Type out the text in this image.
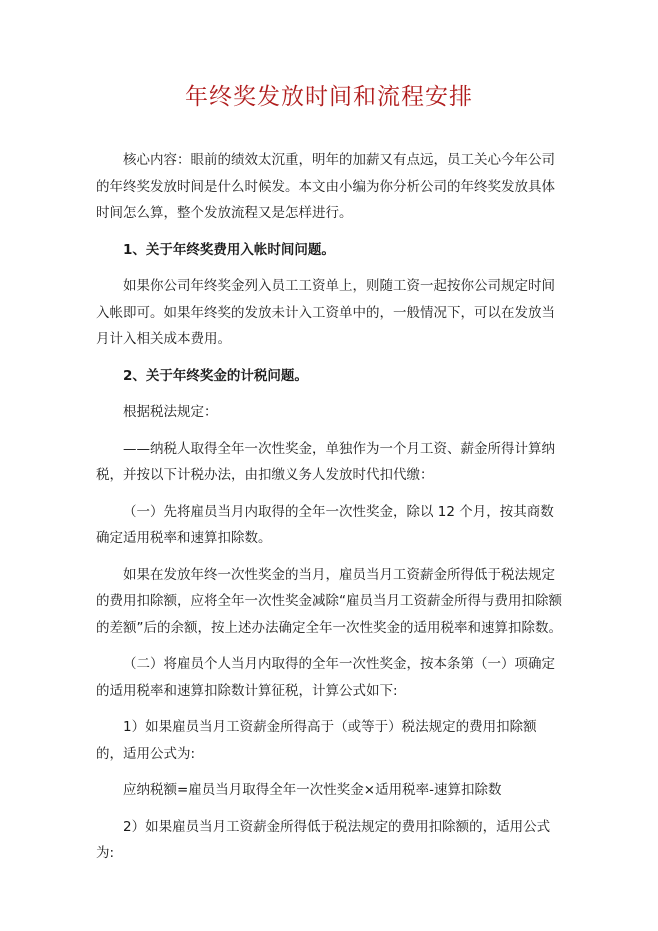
年终奖发放时间和流程安排

核心内容：眼前的绩效太沉重，明年的加薪又有点远，员工关心今年公司的年终奖发放时间是什么时候发。本文由小编为你分析公司的年终奖发放具体时间怎么算，整个发放流程又是怎样进行。

1、关于年终奖费用入帐时间问题。

如果你公司年终奖金列入员工工资单上，则随工资一起按你公司规定时间入帐即可。如果年终奖的发放未计入工资单中的，一般情况下，可以在发放当月计入相关成本费用。

2、关于年终奖金的计税问题。

根据税法规定：

——纳税人取得全年一次性奖金，单独作为一个月工资、薪金所得计算纳税，并按以下计税办法，由扣缴义务人发放时代扣代缴：

（一）先将雇员当月内取得的全年一次性奖金，除以 12 个月，按其商数确定适用税率和速算扣除数。

如果在发放年终一次性奖金的当月，雇员当月工资薪金所得低于税法规定的费用扣除额，应将全年一次性奖金减除“雇员当月工资薪金所得与费用扣除额的差额”后的余额，按上述办法确定全年一次性奖金的适用税率和速算扣除数。

（二）将雇员个人当月内取得的全年一次性奖金，按本条第（一）项确定的适用税率和速算扣除数计算征税，计算公式如下:

1）如果雇员当月工资薪金所得高于（或等于）税法规定的费用扣除额的，适用公式为:

应纳税额=雇员当月取得全年一次性奖金×适用税率-速算扣除数

2）如果雇员当月工资薪金所得低于税法规定的费用扣除额的，适用公式为:
